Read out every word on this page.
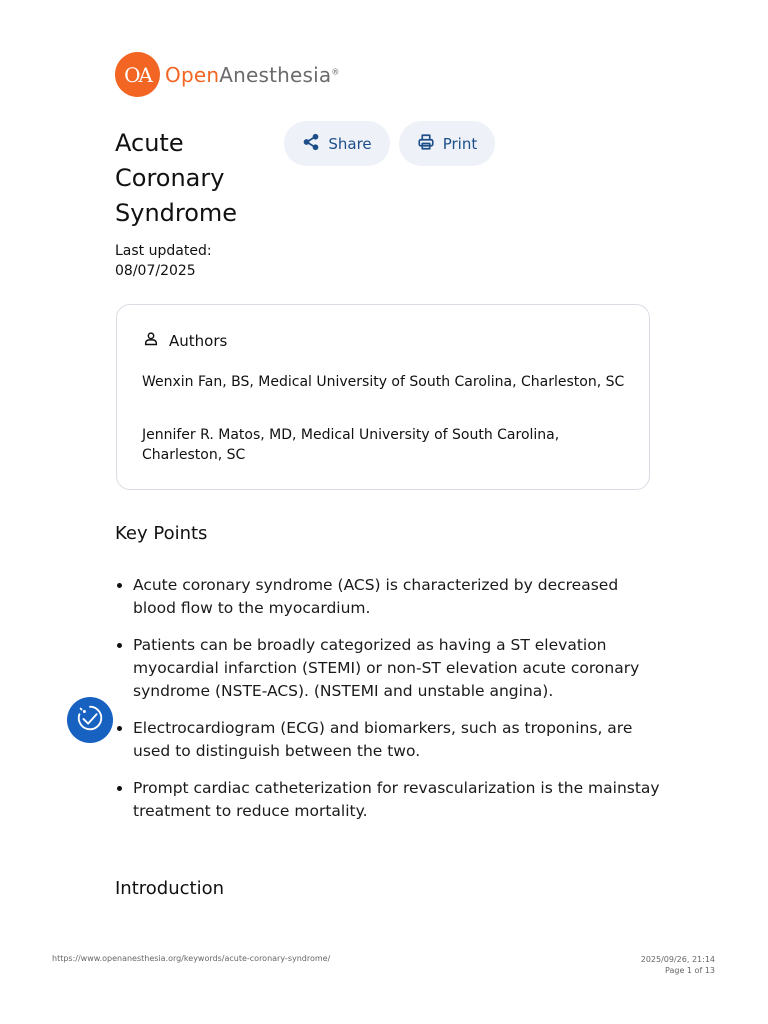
OA OpenAnesthesia®
Acute Coronary Syndrome
Share	Print
Last updated:
08/07/2025
Authors
Wenxin Fan, BS, Medical University of South Carolina, Charleston, SC
Jennifer R. Matos, MD, Medical University of South Carolina, Charleston, SC
Key Points
Acute coronary syndrome (ACS) is characterized by decreased blood flow to the myocardium.
Patients can be broadly categorized as having a ST elevation myocardial infarction (STEMI) or non-ST elevation acute coronary syndrome (NSTE-ACS). (NSTEMI and unstable angina).
Electrocardiogram (ECG) and biomarkers, such as troponins, are used to distinguish between the two.
Prompt cardiac catheterization for revascularization is the mainstay treatment to reduce mortality.
Introduction
https://www.openanesthesia.org/keywords/acute-coronary-syndrome/	2025/09/26, 21:14
Page 1 of 13
